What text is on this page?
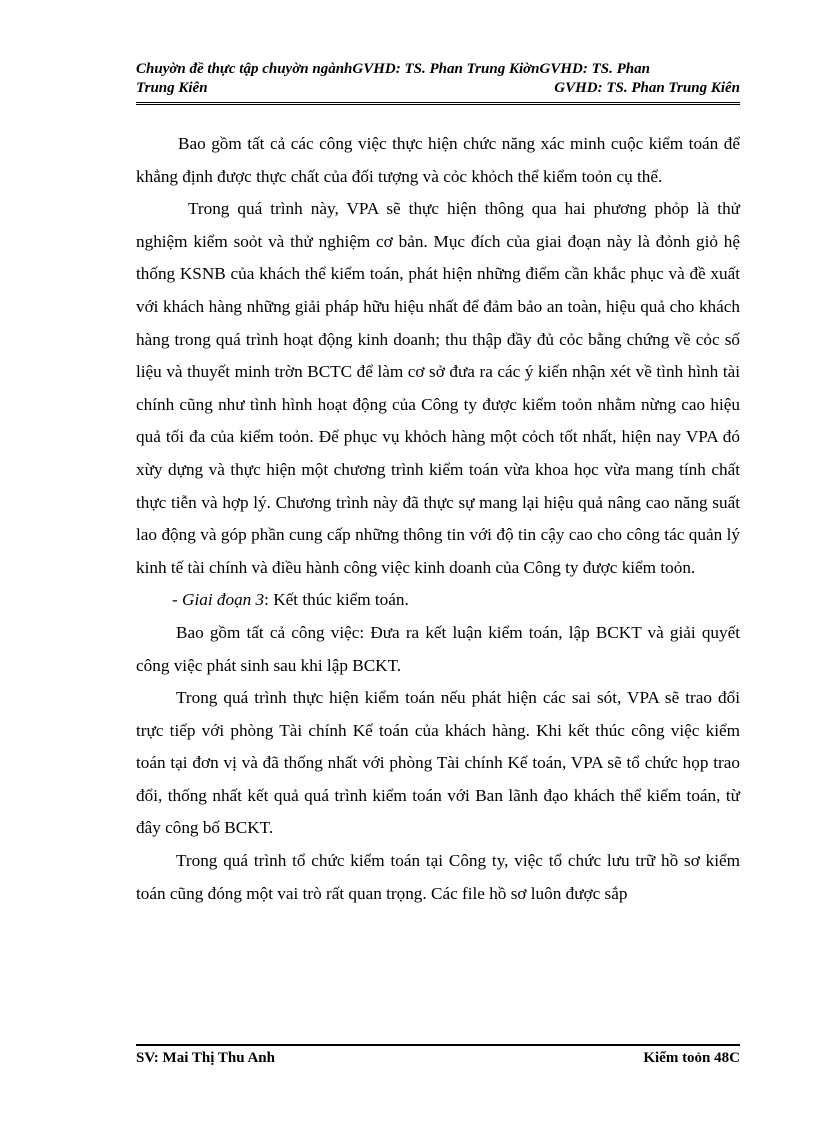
Chuyờn đề thực tập chuyờn ngànhGVHD: TS. Phan Trung KiờnGVHD: TS. Phan
Trung Kiên	GVHD: TS. Phan Trung Kiên

Bao gồm tất cả các công việc thực hiện chức năng xác minh cuộc kiểm toán để khẳng định được thực chất của đối tượng và cỏc khỏch thể kiểm toỏn cụ thể.

Trong quá trình này, VPA sẽ thực hiện thông qua hai phương phỏp là thử nghiệm kiểm soỏt và thử nghiệm cơ bản. Mục đích của giai đoạn này là đỏnh giỏ hệ thống KSNB của khách thể kiểm toán, phát hiện những điểm cần khắc phục và đề xuất với khách hàng những giải pháp hữu hiệu nhất để đảm bảo an toàn, hiệu quả cho khách hàng trong quá trình hoạt động kinh doanh; thu thập đầy đủ cỏc bằng chứng về cỏc số liệu và thuyết minh trờn BCTC để làm cơ sở đưa ra các ý kiến nhận xét về tình hình tài chính cũng như tình hình hoạt động của Công ty được kiểm toỏn nhằm nừng cao hiệu quả tối đa của kiểm toỏn. Để phục vụ khỏch hàng một cỏch tốt nhất, hiện nay VPA đó xừy dựng và thực hiện một chương trình kiểm toán vừa khoa học vừa mang tính chất thực tiễn và hợp lý. Chương trình này đã thực sự mang lại hiệu quả nâng cao năng suất lao động và góp phần cung cấp những thông tin với độ tin cậy cao cho công tác quản lý kinh tế tài chính và điều hành công việc kinh doanh của Công ty được kiểm toỏn.

- Giai đoạn 3: Kết thúc kiểm toán.

Bao gồm tất cả công việc: Đưa ra kết luận kiểm toán, lập BCKT và giải quyết công việc phát sinh sau khi lập BCKT.

Trong quá trình thực hiện kiểm toán nếu phát hiện các sai sót, VPA sẽ trao đổi trực tiếp với phòng Tài chính Kế toán của khách hàng. Khi kết thúc công việc kiểm toán tại đơn vị và đã thống nhất với phòng Tài chính Kế toán, VPA sẽ tổ chức họp trao đổi, thống nhất kết quả quá trình kiểm toán với Ban lãnh đạo khách thể kiểm toán, từ đây công bố BCKT.

Trong quá trình tổ chức kiểm toán tại Công ty, việc tổ chức lưu trữ hồ sơ kiểm toán cũng đóng một vai trò rất quan trọng. Các file hồ sơ luôn được sắp

SV: Mai Thị Thu Anh	Kiểm toỏn 48C
